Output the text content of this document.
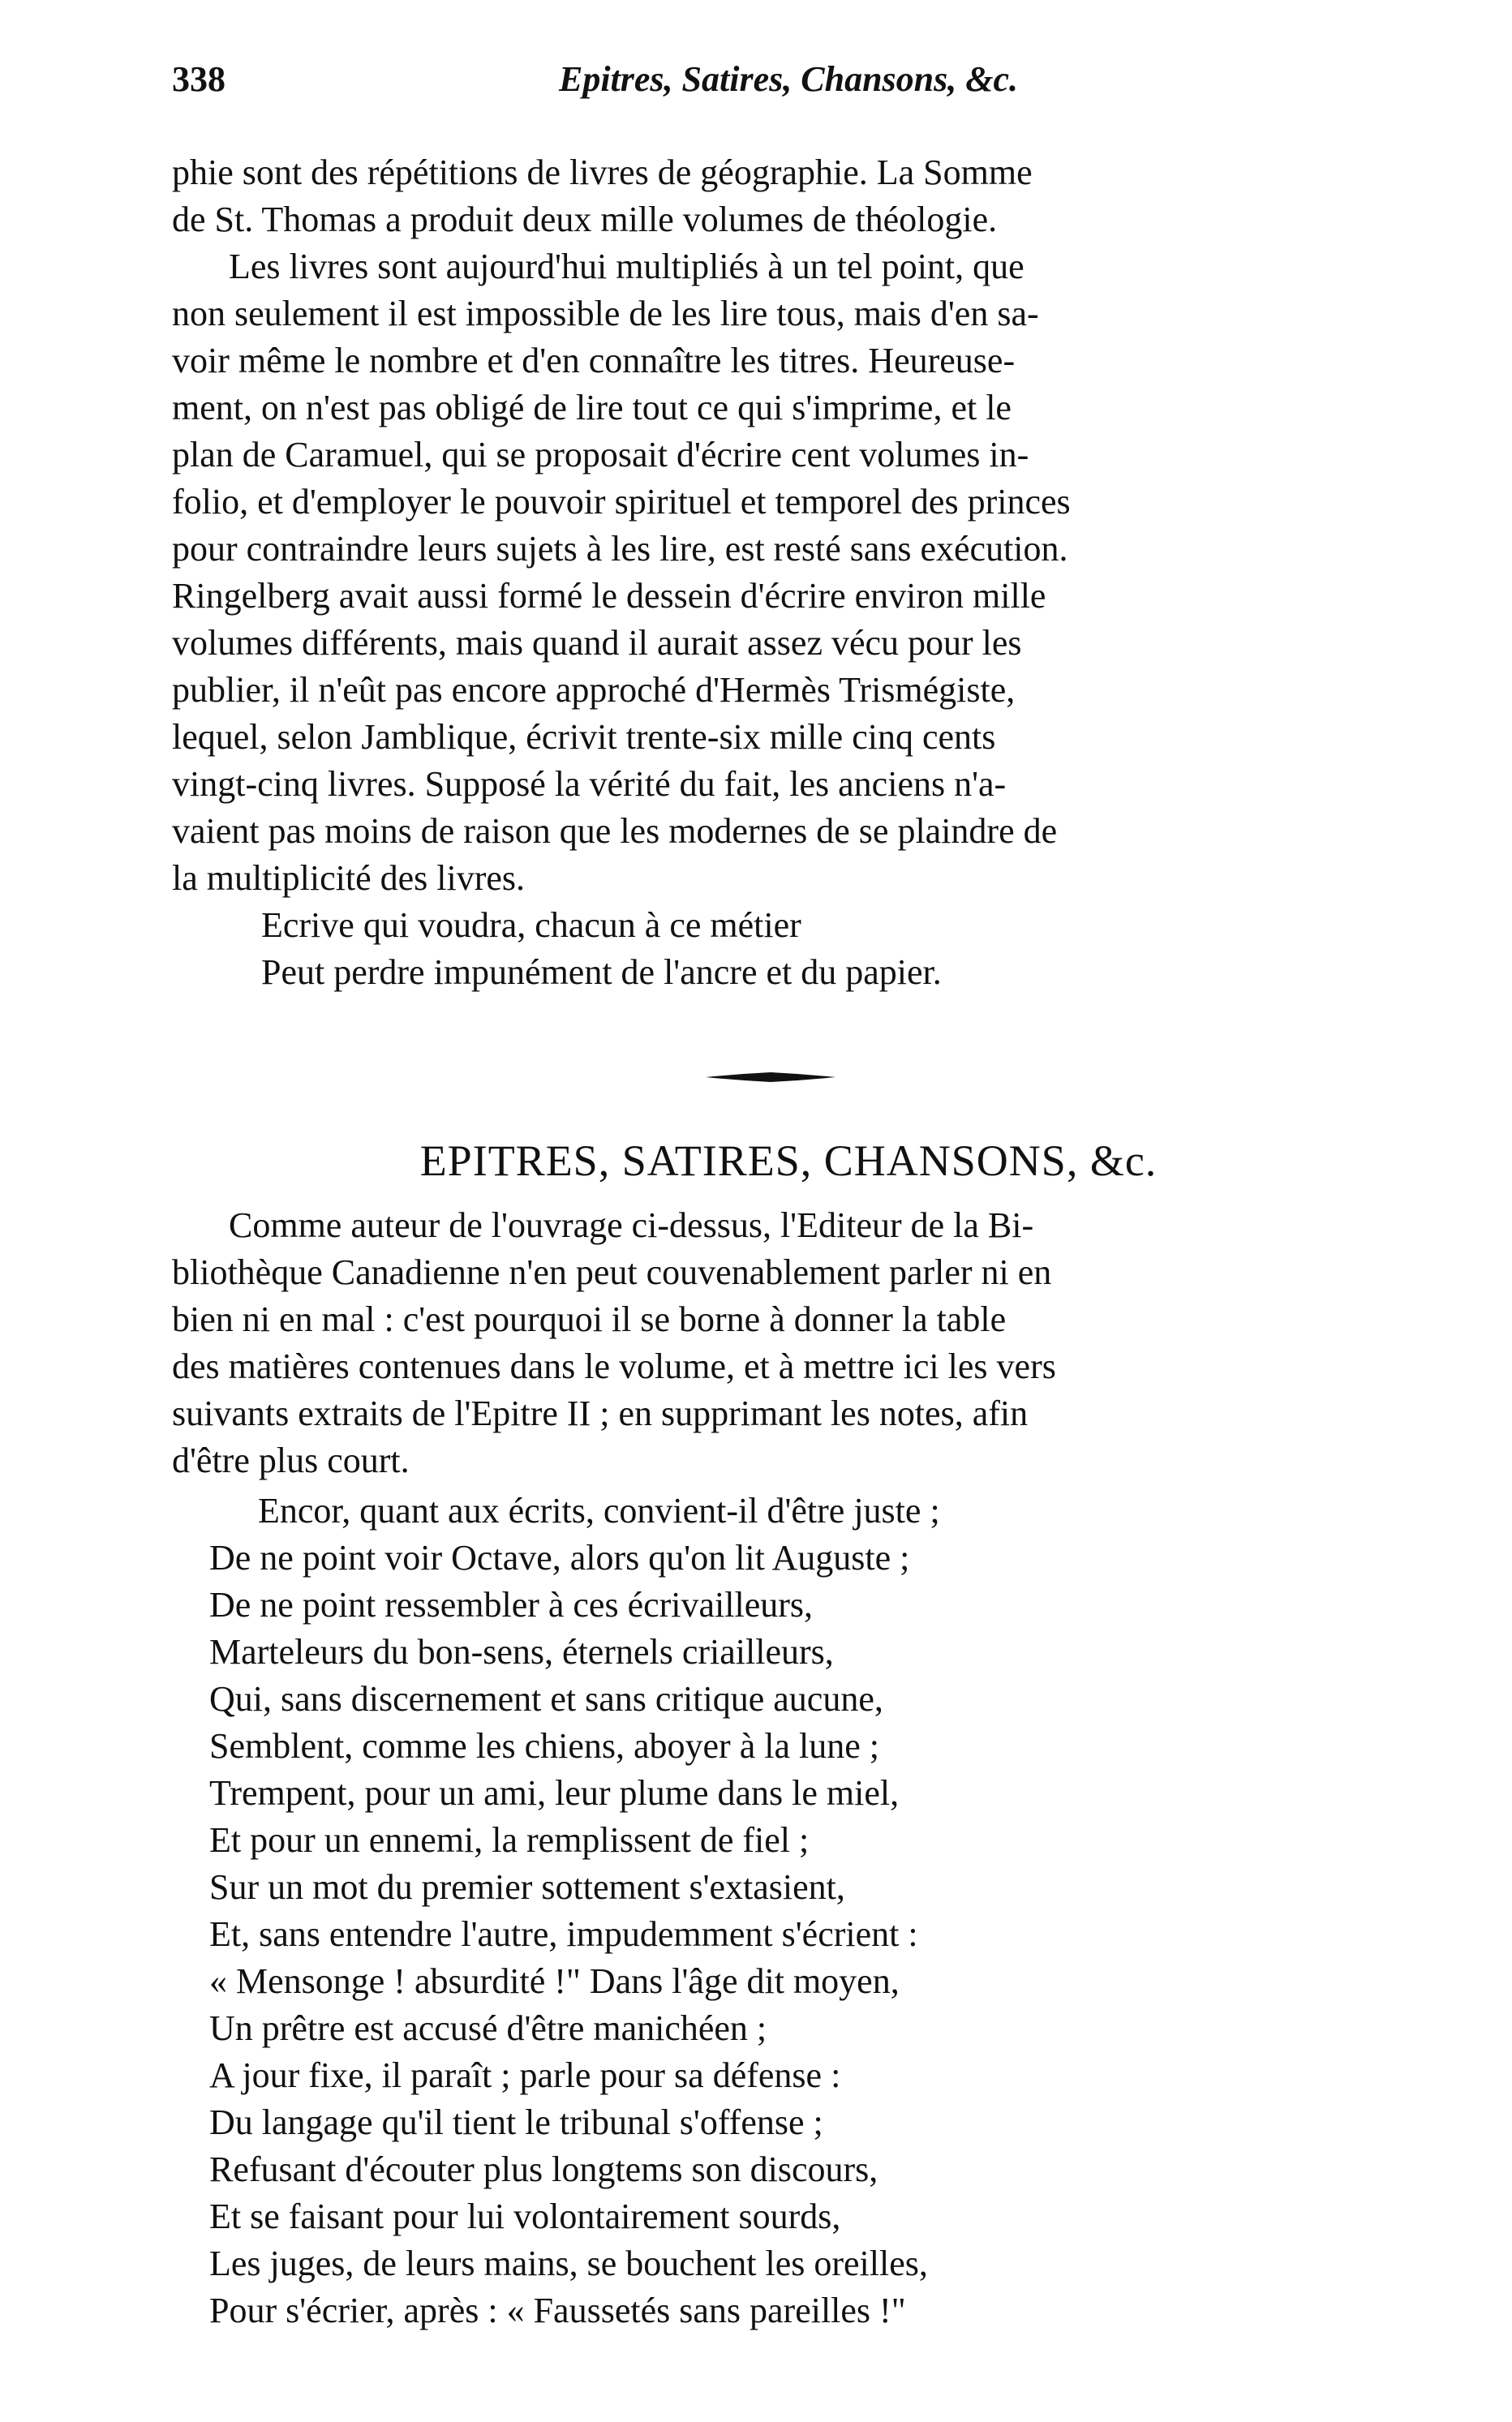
338	Epitres, Satires, Chansons, &c.
phie sont des répétitions de livres de géographie. La Somme
de St. Thomas a produit deux mille volumes de théologie.
Les livres sont aujourd'hui multipliés à un tel point, que
non seulement il est impossible de les lire tous, mais d'en sa-
voir même le nombre et d'en connaître les titres. Heureuse-
ment, on n'est pas obligé de lire tout ce qui s'imprime, et le
plan de Caramuel, qui se proposait d'écrire cent volumes in-
folio, et d'employer le pouvoir spirituel et temporel des princes
pour contraindre leurs sujets à les lire, est resté sans exécution.
Ringelberg avait aussi formé le dessein d'écrire environ mille
volumes différents, mais quand il aurait assez vécu pour les
publier, il n'eût pas encore approché d'Hermès Trismégiste,
lequel, selon Jamblique, écrivit trente-six mille cinq cents
vingt-cinq livres. Supposé la vérité du fait, les anciens n'a-
vaient pas moins de raison que les modernes de se plaindre de
la multiplicité des livres.
Ecrive qui voudra, chacun à ce métier
Peut perdre impunément de l'ancre et du papier.
EPITRES, SATIRES, CHANSONS, &c.
Comme auteur de l'ouvrage ci-dessus, l'Editeur de la Bi-
bliothèque Canadienne n'en peut couvenablement parler ni en
bien ni en mal : c'est pourquoi il se borne à donner la table
des matières contenues dans le volume, et à mettre ici les vers
suivants extraits de l'Epitre II ; en supprimant les notes, afin
d'être plus court.
Encor, quant aux écrits, convient-il d'être juste ;
De ne point voir Octave, alors qu'on lit Auguste ;
De ne point ressembler à ces écrivailleurs,
Marteleurs du bon-sens, éternels criailleurs,
Qui, sans discernement et sans critique aucune,
Semblent, comme les chiens, aboyer à la lune ;
Trempent, pour un ami, leur plume dans le miel,
Et pour un ennemi, la remplissent de fiel ;
Sur un mot du premier sottement s'extasient,
Et, sans entendre l'autre, impudemment s'écrient :
« Mensonge ! absurdité !" Dans l'âge dit moyen,
Un prêtre est accusé d'être manichéen ;
A jour fixe, il paraît ; parle pour sa défense :
Du langage qu'il tient le tribunal s'offense ;
Refusant d'écouter plus longtems son discours,
Et se faisant pour lui volontairement sourds,
Les juges, de leurs mains, se bouchent les oreilles,
Pour s'écrier, après : « Faussetés sans pareilles !"
